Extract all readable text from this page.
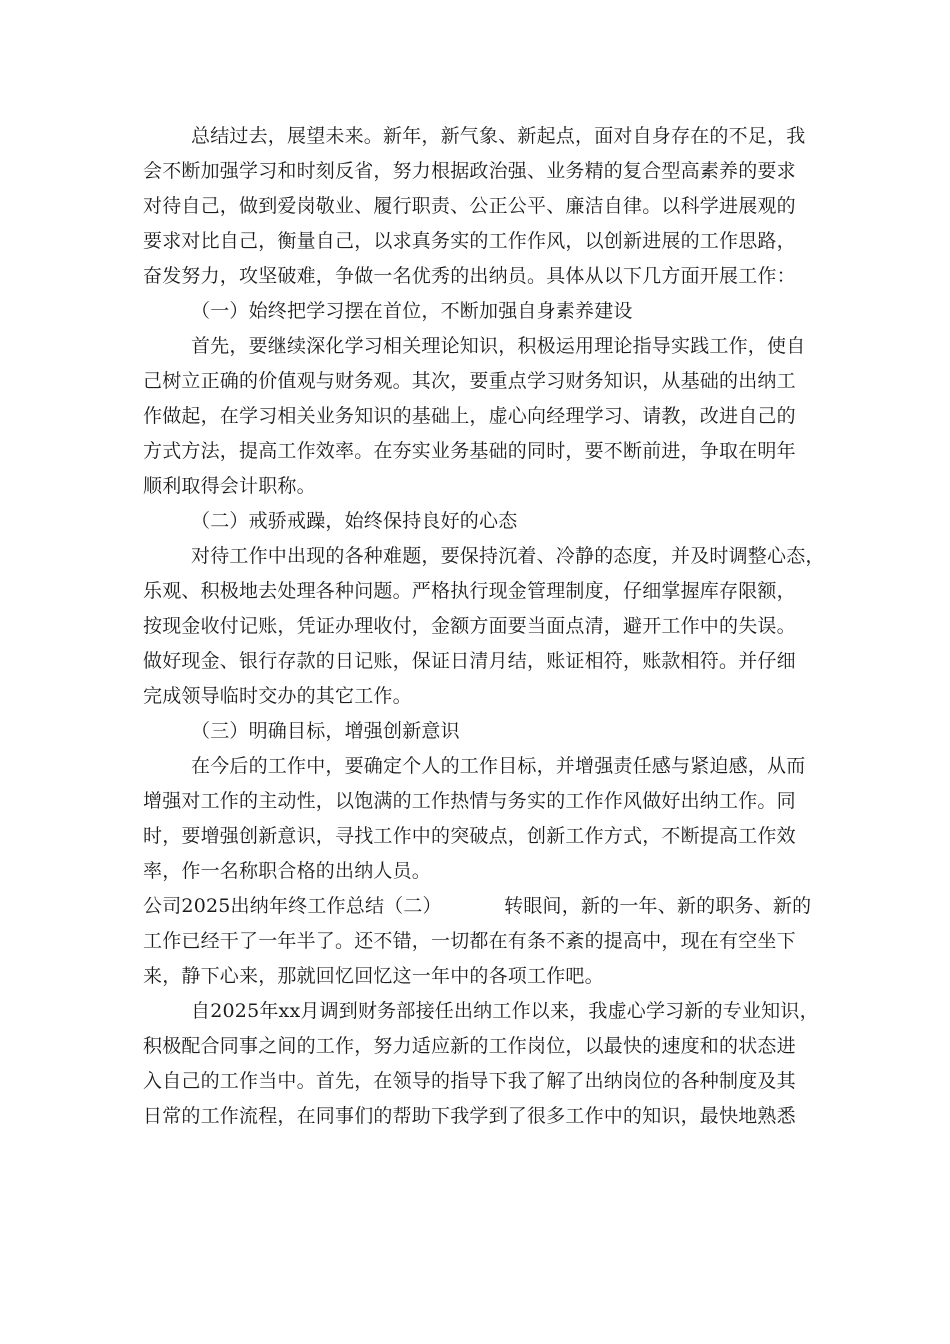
总结过去，展望未来。新年，新气象、新起点，面对自身存在的不足，我
会不断加强学习和时刻反省，努力根据政治强、业务精的复合型高素养的要求
对待自己，做到爱岗敬业、履行职责、公正公平、廉洁自律。以科学进展观的
要求对比自己，衡量自己，以求真务实的工作作风，以创新进展的工作思路，
奋发努力，攻坚破难，争做一名优秀的出纳员。具体从以下几方面开展工作：
（一）始终把学习摆在首位，不断加强自身素养建设
首先，要继续深化学习相关理论知识，积极运用理论指导实践工作，使自
己树立正确的价值观与财务观。其次，要重点学习财务知识，从基础的出纳工
作做起，在学习相关业务知识的基础上，虚心向经理学习、请教，改进自己的
方式方法，提高工作效率。在夯实业务基础的同时，要不断前进，争取在明年
顺利取得会计职称。
（二）戒骄戒躁，始终保持良好的心态
对待工作中出现的各种难题，要保持沉着、冷静的态度，并及时调整心态，
乐观、积极地去处理各种问题。严格执行现金管理制度，仔细掌握库存限额，
按现金收付记账，凭证办理收付，金额方面要当面点清，避开工作中的失误。
做好现金、银行存款的日记账，保证日清月结，账证相符，账款相符。并仔细
完成领导临时交办的其它工作。
（三）明确目标，增强创新意识
在今后的工作中，要确定个人的工作目标，并增强责任感与紧迫感，从而
增强对工作的主动性，以饱满的工作热情与务实的工作作风做好出纳工作。同
时，要增强创新意识，寻找工作中的突破点，创新工作方式，不断提高工作效
率，作一名称职合格的出纳人员。
公司2025出纳年终工作总结（二）          转眼间，新的一年、新的职务、新的
工作已经干了一年半了。还不错，一切都在有条不紊的提高中，现在有空坐下
来，静下心来，那就回忆回忆这一年中的各项工作吧。
自2025年xx月调到财务部接任出纳工作以来，我虚心学习新的专业知识，
积极配合同事之间的工作，努力适应新的工作岗位，以最快的速度和的状态进
入自己的工作当中。首先，在领导的指导下我了解了出纳岗位的各种制度及其
日常的工作流程，在同事们的帮助下我学到了很多工作中的知识，最快地熟悉
